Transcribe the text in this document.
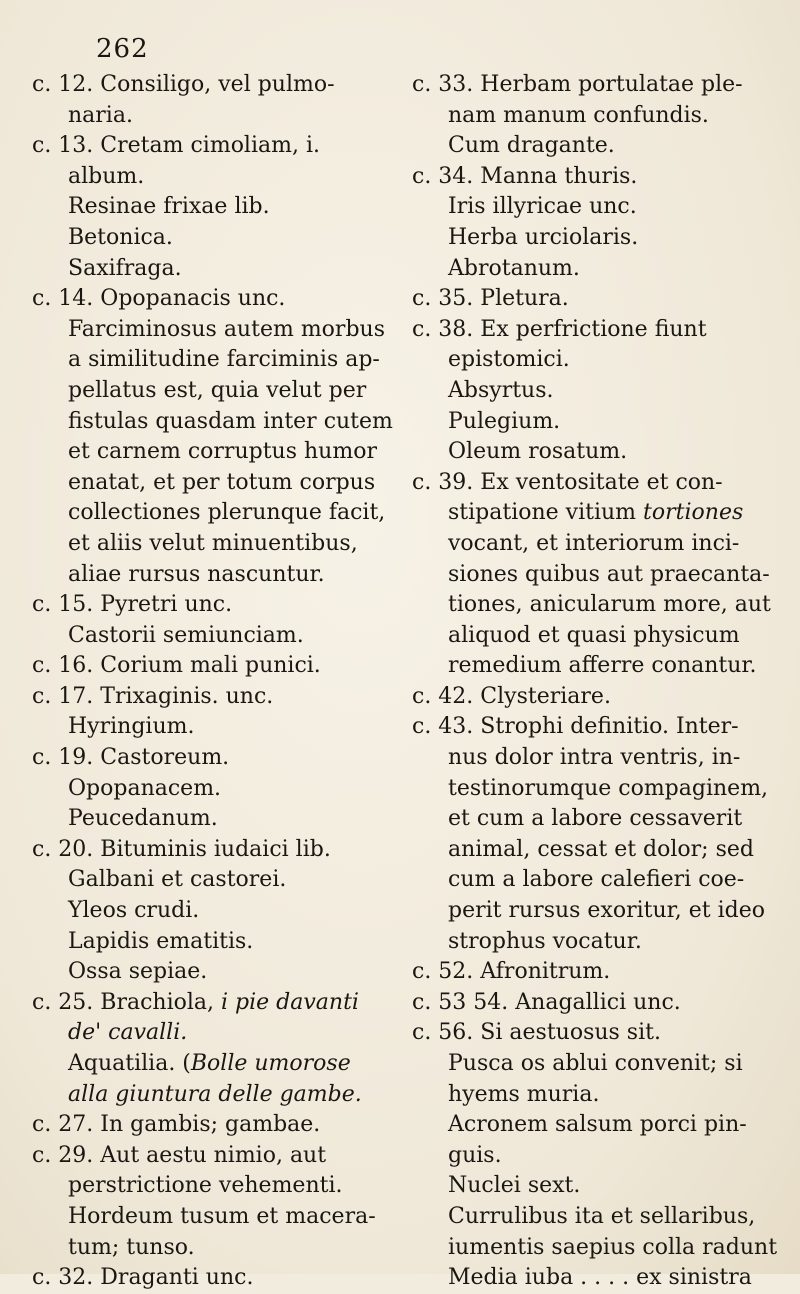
262
c. 12. Consiligo, vel pulmo-
naria.
c. 13. Cretam cimoliam, i.
album.
Resinae frixae lib.
Betonica.
Saxifraga.
c. 14. Opopanacis unc.
Farciminosus autem morbus
a similitudine farciminis ap-
pellatus est, quia velut per
fistulas quasdam inter cutem
et carnem corruptus humor
enatat, et per totum corpus
collectiones plerunque facit,
et aliis velut minuentibus,
aliae rursus nascuntur.
c. 15. Pyretri unc.
Castorii semiunciam.
c. 16. Corium mali punici.
c. 17. Trixaginis. unc.
Hyringium.
c. 19. Castoreum.
Opopanacem.
Peucedanum.
c. 20. Bituminis iudaici lib.
Galbani et castorei.
Yleos crudi.
Lapidis ematitis.
Ossa sepiae.
c. 25. Brachiola, i pie davanti
de' cavalli.
Aquatilia. (Bolle umorose
alla giuntura delle gambe.
c. 27. In gambis; gambae.
c. 29. Aut aestu nimio, aut
perstrictione vehementi.
Hordeum tusum et macera-
tum; tunso.
c. 32. Draganti unc.
c. 33. Herbam portulatae ple-
nam manum confundis.
Cum dragante.
c. 34. Manna thuris.
Iris illyricae unc.
Herba urciolaris.
Abrotanum.
c. 35. Pletura.
c. 38. Ex perfrictione fiunt
epistomici.
Absyrtus.
Pulegium.
Oleum rosatum.
c. 39. Ex ventositate et con-
stipatione vitium tortiones
vocant, et interiorum inci-
siones quibus aut praecanta-
tiones, anicularum more, aut
aliquod et quasi physicum
remedium afferre conantur.
c. 42. Clysteriare.
c. 43. Strophi definitio. Inter-
nus dolor intra ventris, in-
testinorumque compaginem,
et cum a labore cessaverit
animal, cessat et dolor; sed
cum a labore calefieri coe-
perit rursus exoritur, et ideo
strophus vocatur.
c. 52. Afronitrum.
c. 53 54. Anagallici unc.
c. 56. Si aestuosus sit.
Pusca os ablui convenit; si
hyems muria.
Acronem salsum porci pin-
guis.
Nuclei sext.
Currulibus ita et sellaribus,
iumentis saepius colla radunt
Media iuba . . . . ex sinistra
